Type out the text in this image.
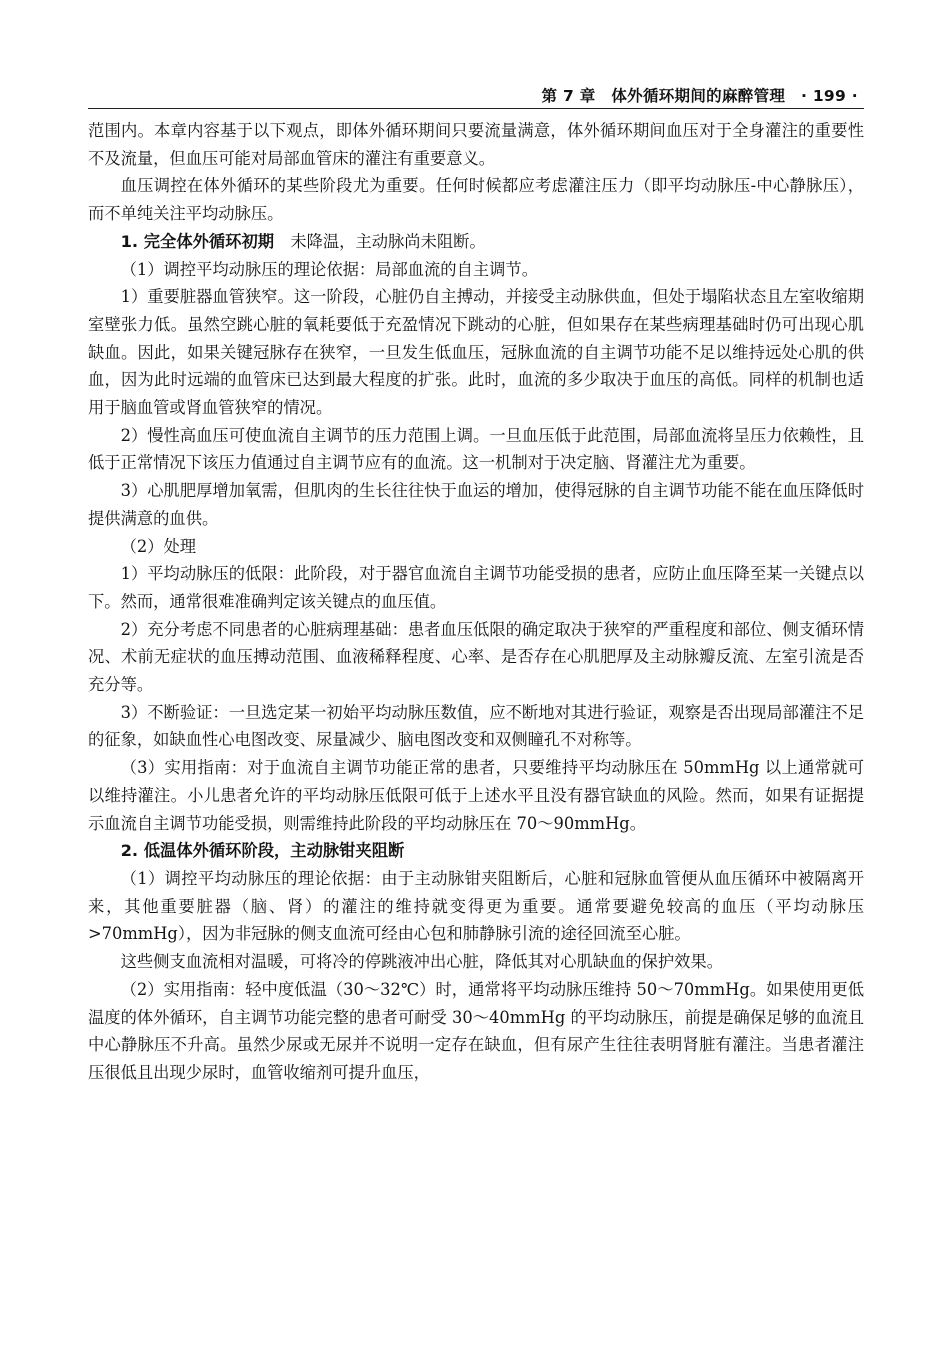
第 7 章　体外循环期间的麻醉管理　· 199 ·

范围内。本章内容基于以下观点，即体外循环期间只要流量满意，体外循环期间血压对于全身灌注的重要性不及流量，但血压可能对局部血管床的灌注有重要意义。

血压调控在体外循环的某些阶段尤为重要。任何时候都应考虑灌注压力（即平均动脉压-中心静脉压），而不单纯关注平均动脉压。

1. 完全体外循环初期　 未降温，主动脉尚未阻断。

（1）调控平均动脉压的理论依据：局部血流的自主调节。

1）重要脏器血管狭窄。这一阶段，心脏仍自主搏动，并接受主动脉供血，但处于塌陷状态且左室收缩期室壁张力低。虽然空跳心脏的氧耗要低于充盈情况下跳动的心脏，但如果存在某些病理基础时仍可出现心肌缺血。因此，如果关键冠脉存在狭窄，一旦发生低血压，冠脉血流的自主调节功能不足以维持远处心肌的供血，因为此时远端的血管床已达到最大程度的扩张。此时，血流的多少取决于血压的高低。同样的机制也适用于脑血管或肾血管狭窄的情况。

2）慢性高血压可使血流自主调节的压力范围上调。一旦血压低于此范围，局部血流将呈压力依赖性，且低于正常情况下该压力值通过自主调节应有的血流。这一机制对于决定脑、肾灌注尤为重要。

3）心肌肥厚增加氧需，但肌肉的生长往往快于血运的增加，使得冠脉的自主调节功能不能在血压降低时提供满意的血供。

（2）处理

1）平均动脉压的低限：此阶段，对于器官血流自主调节功能受损的患者，应防止血压降至某一关键点以下。然而，通常很难准确判定该关键点的血压值。

2）充分考虑不同患者的心脏病理基础：患者血压低限的确定取决于狭窄的严重程度和部位、侧支循环情况、术前无症状的血压搏动范围、血液稀释程度、心率、是否存在心肌肥厚及主动脉瓣反流、左室引流是否充分等。

3）不断验证：一旦选定某一初始平均动脉压数值，应不断地对其进行验证，观察是否出现局部灌注不足的征象，如缺血性心电图改变、尿量减少、脑电图改变和双侧瞳孔不对称等。

（3）实用指南：对于血流自主调节功能正常的患者，只要维持平均动脉压在 50mmHg 以上通常就可以维持灌注。小儿患者允许的平均动脉压低限可低于上述水平且没有器官缺血的风险。然而，如果有证据提示血流自主调节功能受损，则需维持此阶段的平均动脉压在 70～90mmHg。

2. 低温体外循环阶段，主动脉钳夹阻断

（1）调控平均动脉压的理论依据：由于主动脉钳夹阻断后，心脏和冠脉血管便从血压循环中被隔离开来，其他重要脏器（脑、肾）的灌注的维持就变得更为重要。通常要避免较高的血压（平均动脉压>70mmHg），因为非冠脉的侧支血流可经由心包和肺静脉引流的途径回流至心脏。

这些侧支血流相对温暖，可将冷的停跳液冲出心脏，降低其对心肌缺血的保护效果。

（2）实用指南：轻中度低温（30～32℃）时，通常将平均动脉压维持 50～70mmHg。如果使用更低温度的体外循环，自主调节功能完整的患者可耐受 30～40mmHg 的平均动脉压，前提是确保足够的血流且中心静脉压不升高。虽然少尿或无尿并不说明一定存在缺血，但有尿产生往往表明肾脏有灌注。当患者灌注压很低且出现少尿时，血管收缩剂可提升血压，
